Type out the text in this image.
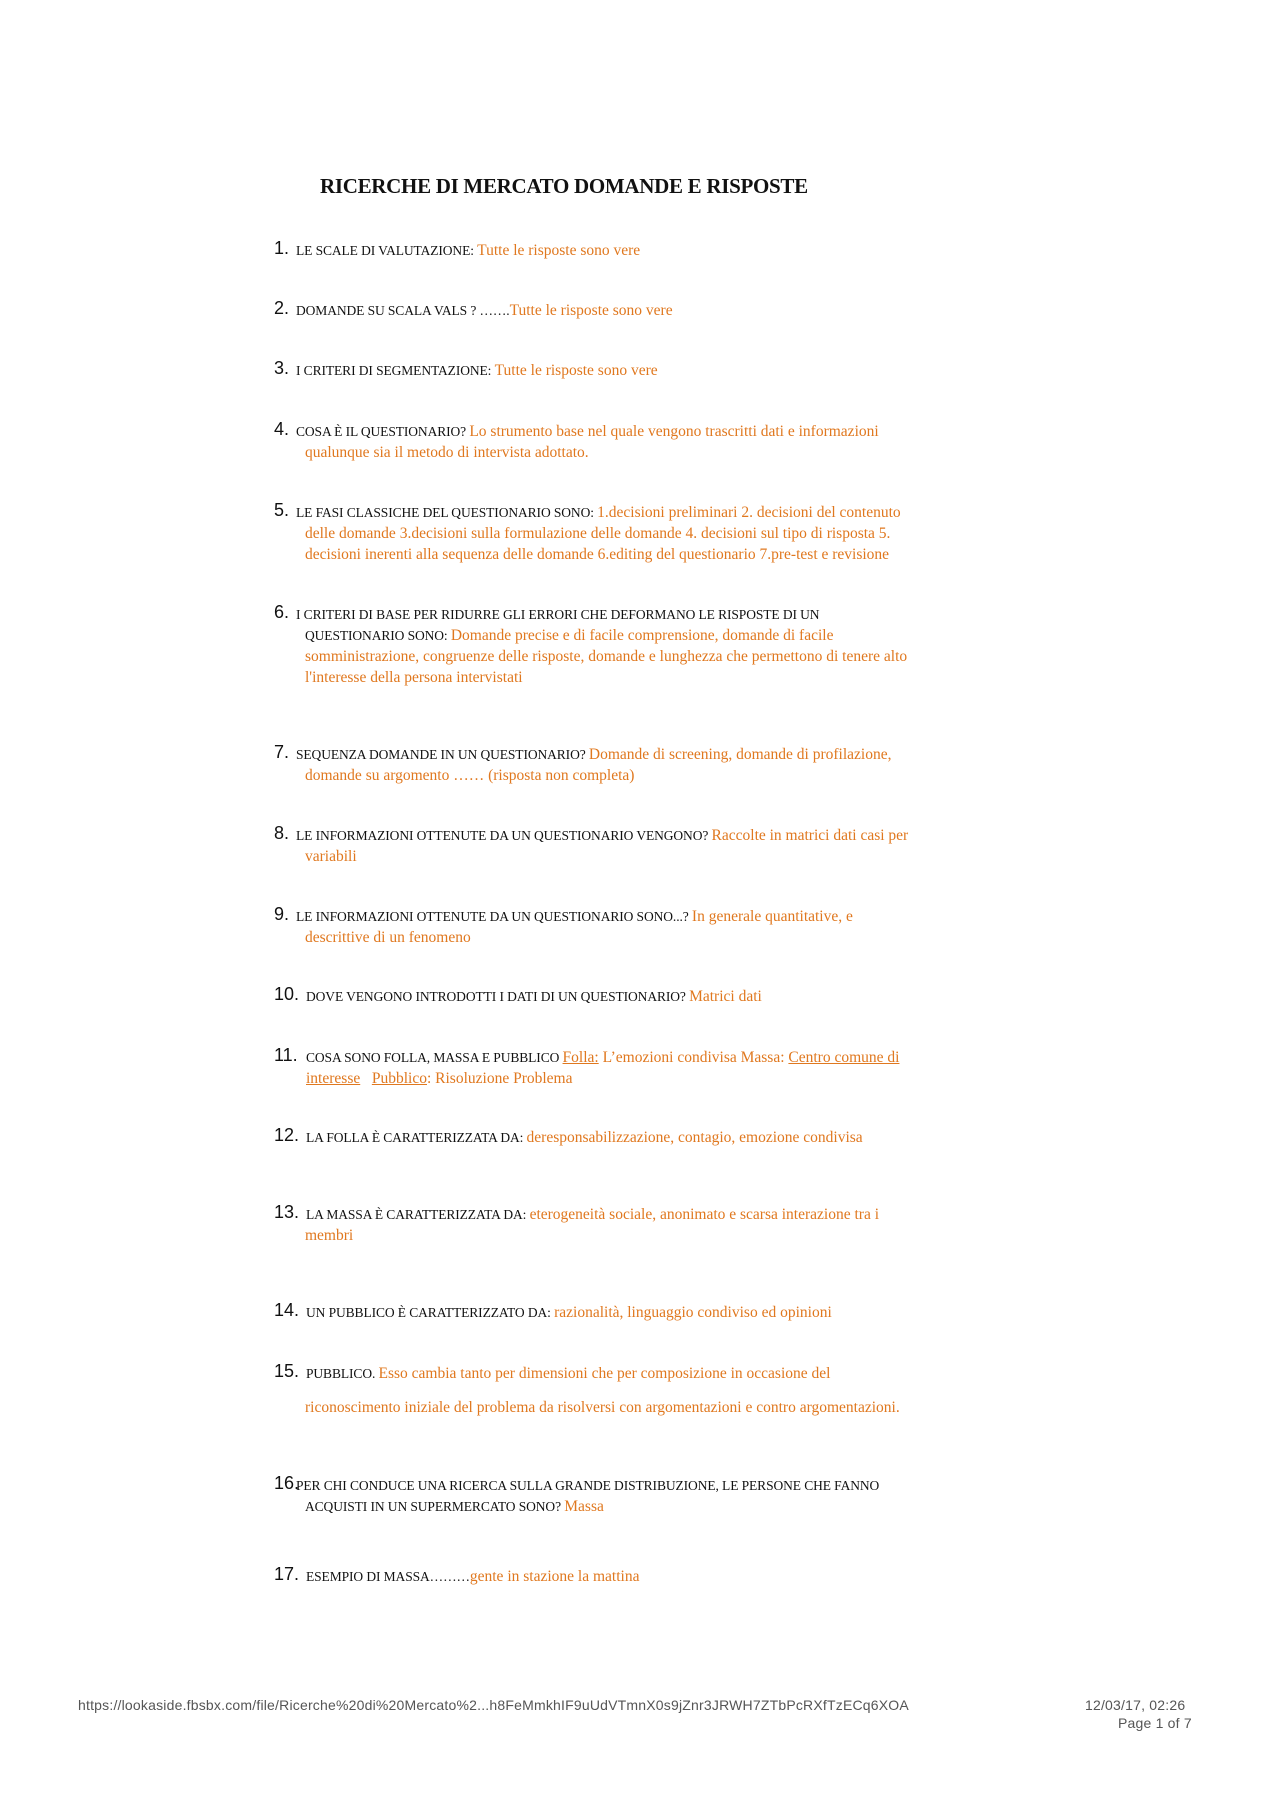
RICERCHE DI MERCATO DOMANDE E RISPOSTE
1. LE SCALE DI VALUTAZIONE: Tutte le risposte sono vere
2. DOMANDE SU SCALA VALS ? …….Tutte le risposte sono vere
3. I CRITERI DI SEGMENTAZIONE: Tutte le risposte sono vere
4. COSA È IL QUESTIONARIO? Lo strumento base nel quale vengono trascritti dati e informazioni
qualunque sia il metodo di intervista adottato.
5. LE FASI CLASSICHE DEL QUESTIONARIO SONO: 1.decisioni preliminari 2. decisioni del contenuto
delle domande 3.decisioni sulla formulazione delle domande 4. decisioni sul tipo di risposta 5.
decisioni inerenti alla sequenza delle domande 6.editing del questionario 7.pre-test e revisione
6. I CRITERI DI BASE PER RIDURRE GLI ERRORI CHE DEFORMANO LE RISPOSTE DI UN
QUESTIONARIO SONO: Domande precise e di facile comprensione, domande di facile
somministrazione, congruenze delle risposte, domande e lunghezza che permettono di tenere alto
l'interesse della persona intervistati
7. SEQUENZA DOMANDE IN UN QUESTIONARIO? Domande di screening, domande di profilazione,
domande su argomento …… (risposta non completa)
8. LE INFORMAZIONI OTTENUTE DA UN QUESTIONARIO VENGONO? Raccolte in matrici dati casi per
variabili
9. LE INFORMAZIONI OTTENUTE DA UN QUESTIONARIO SONO...? In generale quantitative, e
descrittive di un fenomeno
10. DOVE VENGONO INTRODOTTI I DATI DI UN QUESTIONARIO? Matrici dati
11. COSA SONO FOLLA, MASSA E PUBBLICO Folla: L’emozioni condivisa Massa: Centro comune di
interesse Pubblico: Risoluzione Problema
12. LA FOLLA È CARATTERIZZATA DA: deresponsabilizzazione, contagio, emozione condivisa
13. LA MASSA È CARATTERIZZATA DA: eterogeneità sociale, anonimato e scarsa interazione tra i
membri
14. UN PUBBLICO È CARATTERIZZATO DA: razionalità, linguaggio condiviso ed opinioni
15. PUBBLICO. Esso cambia tanto per dimensioni che per composizione in occasione del
riconoscimento iniziale del problema da risolversi con argomentazioni e contro argomentazioni.
16.
PER CHI CONDUCE UNA RICERCA SULLA GRANDE DISTRIBUZIONE, LE PERSONE CHE FANNO
ACQUISTI IN UN SUPERMERCATO SONO? Massa
17. ESEMPIO DI MASSA………gente in stazione la mattina
https://lookaside.fbsbx.com/file/Ricerche%20di%20Mercato%2...h8FeMmkhIF9uUdVTmnX0s9jZnr3JRWH7ZTbPcRXfTzECq6XOA	12/03/17, 02:26
Page 1 of 7
